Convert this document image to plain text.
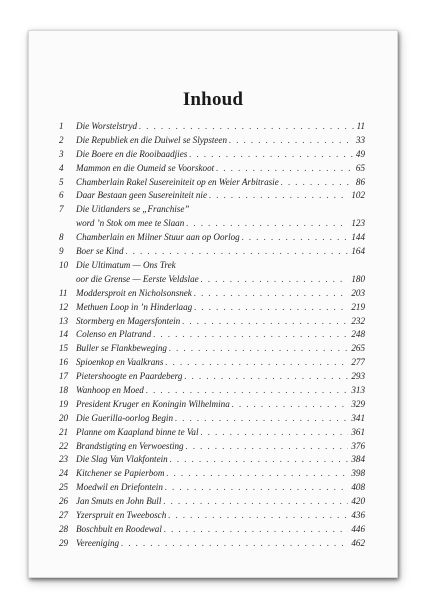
Inhoud
1	Die Worstelstryd . . .	11
2	Die Republiek en die Duiwel se Slypsteen . . .	33
3	Die Boere en die Rooibaadjies . . .	49
4	Mammon en die Oumeid se Voorskoot . . .	65
5	Chamberlain Rakel Susereiniteit op en Weier Arbitrasie . . .	86
6	Daar Bestaan geen Susereiniteit nie . . .	102
7	Die Uitlanders se „Franchise”
word ’n Stok om mee te Slaan . . .	123
8	Chamberlain en Milner Stuur aan op Oorlog . . .	144
9	Boer se Kind . . .	164
10 Die Ultimatum — Ons Trek
oor die Grense — Eerste Veldslae . . .	180
11 Moddersproit en Nicholsonsnek . . .	203
12 Methuen Loop in ’n Hinderlaag . . .	219
13 Stormberg en Magersfontein . . .	232
14 Colenso en Platrand . . .	248
15 Buller se Flankbeweging . . .	265
16 Spioenkop en Vaalkrans . . .	277
17 Pietershoogte en Paardeberg . . .	293
18 Wanhoop en Moed . . .	313
19 President Kruger en Koningin Wilhelmina . . .	329
20 Die Guerilla-oorlog Begin . . .	341
21 Planne om Kaapland binne te Val . . .	361
22 Brandstigting en Verwoesting . . .	376
23 Die Slag Van Vlakfontein . . .	384
24 Kitchener se Papierbom . . .	398
25 Moedwil en Driefontein . . .	408
26 Jan Smuts en John Bull . . .	420
27 Yzerspruit en Tweebosch . . .	436
28 Boschbult en Roodewal . . .	446
29 Vereeniging . . .	462
